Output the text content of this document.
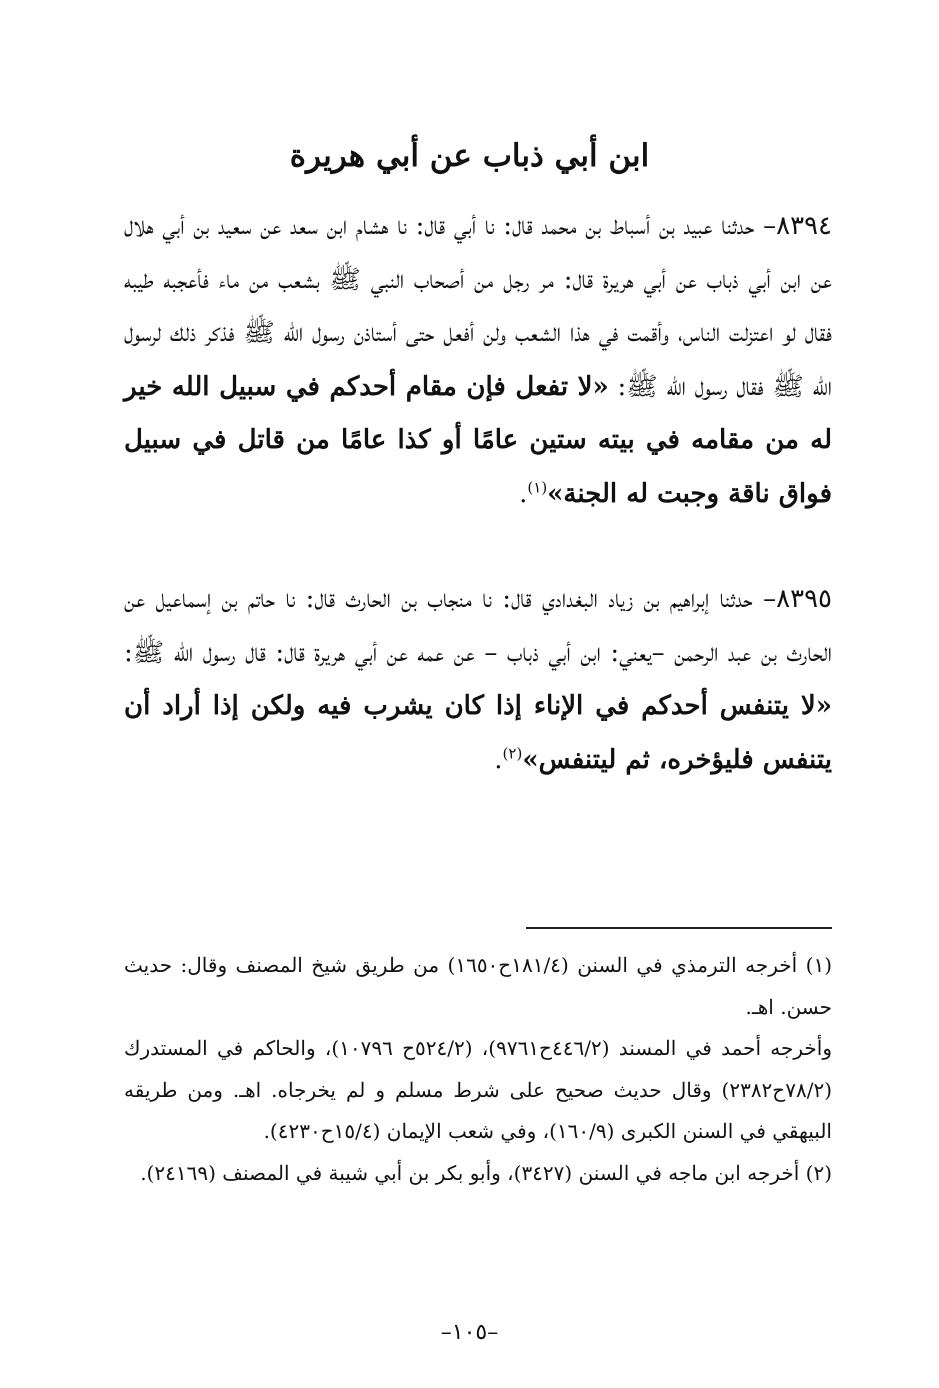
ابن أبي ذباب عن أبي هريرة

٨٣٩٤– حدثنا عبيد بن أسباط بن محمد قال: نا أبي قال: نا هشام ابن سعد عن سعيد بن أبي هلال عن ابن أبي ذباب عن أبي هريرة قال: مر رجل من أصحاب النبي ﷺ بشعب من ماء فأعجبه طيبه فقال لو اعتزلت الناس، وأقمت في هذا الشعب ولن أفعل حتى أستاذن رسول الله ﷺ فذكر ذلك لرسول الله ﷺ فقال رسول الله ﷺ: «لا تفعل فإن مقام أحدكم في سبيل الله خير له من مقامه في بيته ستين عامًا أو كذا عامًا من قاتل في سبيل فواق ناقة وجبت له الجنة»$^{(١)}$.

٨٣٩٥– حدثنا إبراهيم بن زياد البغدادي قال: نا منجاب بن الحارث قال: نا حاتم بن إسماعيل عن الحارث بن عبد الرحمن –يعني: ابن أبي ذباب – عن عمه عن أبي هريرة قال: قال رسول الله ﷺ: «لا يتنفس أحدكم في الإناء إذا كان يشرب فيه ولكن إذا أراد أن يتنفس فليؤخره، ثم ليتنفس»$^{(٢)}$.

(١) أخرجه الترمذي في السنن (١٨١/٤ح١٦٥٠) من طريق شيخ المصنف وقال: حديث حسن. اهـ.

وأخرجه أحمد في المسند (٤٤٦/٢ح٩٧٦١)، (٥٢٤/٢ح ١٠٧٩٦)، والحاكم في المستدرك (٧٨/٢ح٢٣٨٢) وقال حديث صحيح على شرط مسلم و لم يخرجاه. اهـ. ومن طريقه البيهقي في السنن الكبرى (١٦٠/٩)، وفي شعب الإيمان (١٥/٤ح٤٢٣٠).

(٢) أخرجه ابن ماجه في السنن (٣٤٢٧)، وأبو بكر بن أبي شيبة في المصنف (٢٤١٦٩).

–١٠٥–
